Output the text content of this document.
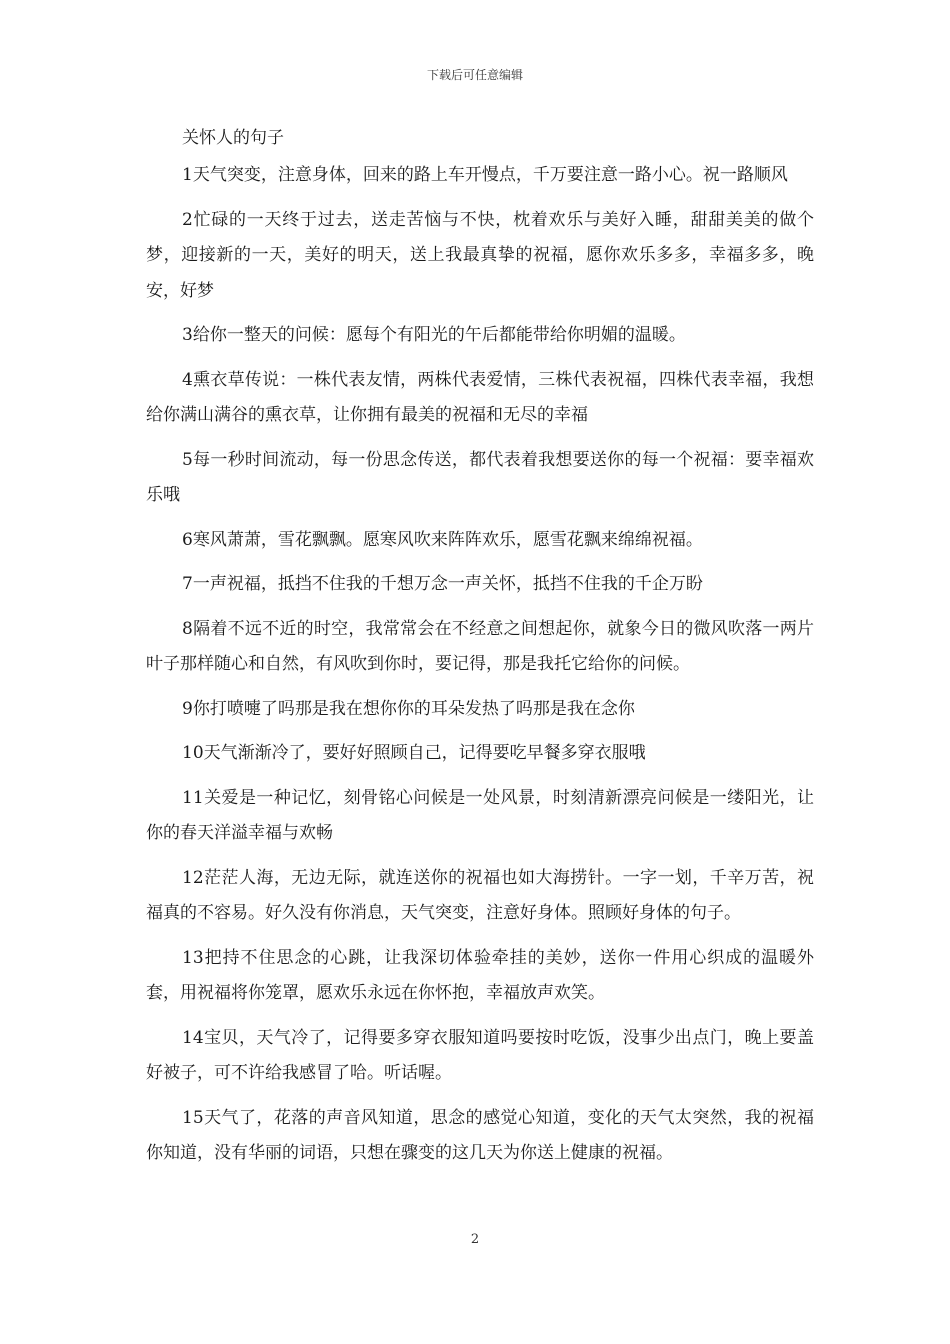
下载后可任意编辑
关怀人的句子

1天气突变，注意身体，回来的路上车开慢点，千万要注意一路小心。祝一路顺风

2忙碌的一天终于过去，送走苦恼与不快，枕着欢乐与美好入睡，甜甜美美的做个梦，迎接新的一天，美好的明天，送上我最真挚的祝福，愿你欢乐多多，幸福多多，晚安，好梦

3给你一整天的问候：愿每个有阳光的午后都能带给你明媚的温暖。

4熏衣草传说：一株代表友情，两株代表爱情，三株代表祝福，四株代表幸福，我想给你满山满谷的熏衣草，让你拥有最美的祝福和无尽的幸福

5每一秒时间流动，每一份思念传送，都代表着我想要送你的每一个祝福：要幸福欢乐哦

6寒风萧萧，雪花飘飘。愿寒风吹来阵阵欢乐，愿雪花飘来绵绵祝福。

7一声祝福，抵挡不住我的千想万念一声关怀，抵挡不住我的千企万盼

8隔着不远不近的时空，我常常会在不经意之间想起你，就象今日的微风吹落一两片叶子那样随心和自然，有风吹到你时，要记得，那是我托它给你的问候。

9你打喷嚏了吗那是我在想你你的耳朵发热了吗那是我在念你

10天气渐渐冷了，要好好照顾自己，记得要吃早餐多穿衣服哦

11关爱是一种记忆，刻骨铭心问候是一处风景，时刻清新漂亮问候是一缕阳光，让你的春天洋溢幸福与欢畅

12茫茫人海，无边无际，就连送你的祝福也如大海捞针。一字一划，千辛万苦，祝福真的不容易。好久没有你消息，天气突变，注意好身体。照顾好身体的句子。

13把持不住思念的心跳，让我深切体验牵挂的美妙，送你一件用心织成的温暖外套，用祝福将你笼罩，愿欢乐永远在你怀抱，幸福放声欢笑。

14宝贝，天气冷了，记得要多穿衣服知道吗要按时吃饭，没事少出点门，晚上要盖好被子，可不许给我感冒了哈。听话喔。

15天气了，花落的声音风知道，思念的感觉心知道，变化的天气太突然，我的祝福你知道，没有华丽的词语，只想在骤变的这几天为你送上健康的祝福。

2
